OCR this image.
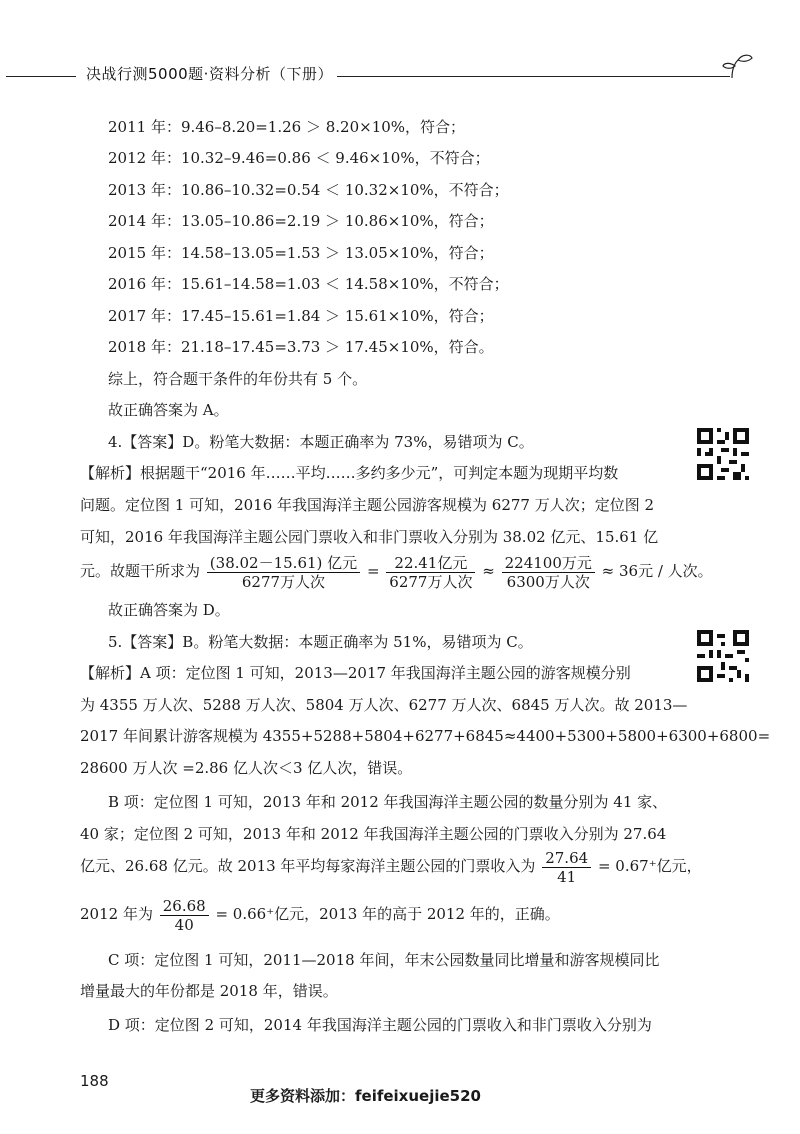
决战行测5000题·资料分析（下册）
2011 年：9.46–8.20=1.26 ＞ 8.20×10%，符合；
2012 年：10.32–9.46=0.86 ＜ 9.46×10%，不符合；
2013 年：10.86–10.32=0.54 ＜ 10.32×10%，不符合；
2014 年：13.05–10.86=2.19 ＞ 10.86×10%，符合；
2015 年：14.58–13.05=1.53 ＞ 13.05×10%，符合；
2016 年：15.61–14.58=1.03 ＜ 14.58×10%，不符合；
2017 年：17.45–15.61=1.84 ＞ 15.61×10%，符合；
2018 年：21.18–17.45=3.73 ＞ 17.45×10%，符合。
综上，符合题干条件的年份共有 5 个。
故正确答案为 A。
4.【答案】D。粉笔大数据：本题正确率为 73%，易错项为 C。
【解析】根据题干“2016 年……平均……多约多少元”，可判定本题为现期平均数
问题。定位图 1 可知，2016 年我国海洋主题公园游客规模为 6277 万人次；定位图 2
可知，2016 年我国海洋主题公园门票收入和非门票收入分别为 38.02 亿元、15.61 亿
元。故题干所求为 $\frac{\text{(38.02－15.61) 亿元}}{\text{6277万人次}} = \frac{\text{22.41亿元}}{\text{6277万人次}} \approx \frac{\text{224100万元}}{\text{6300万人次}} \approx 36$元 / 人次。
故正确答案为 D。
5.【答案】B。粉笔大数据：本题正确率为 51%，易错项为 C。
【解析】A 项：定位图 1 可知，2013—2017 年我国海洋主题公园的游客规模分别
为 4355 万人次、5288 万人次、5804 万人次、6277 万人次、6845 万人次。故 2013—
2017 年间累计游客规模为 4355+5288+5804+6277+6845≈4400+5300+5800+6300+6800=
28600 万人次 =2.86 亿人次＜3 亿人次，错误。
B 项：定位图 1 可知，2013 年和 2012 年我国海洋主题公园的数量分别为 41 家、
40 家；定位图 2 可知，2013 年和 2012 年我国海洋主题公园的门票收入分别为 27.64
亿元、26.68 亿元。故 2013 年平均每家海洋主题公园的门票收入为 $\frac{27.64}{41} = 0.67^+$亿元，
2012 年为 $\frac{26.68}{40} = 0.66^+$亿元，2013 年的高于 2012 年的，正确。
C 项：定位图 1 可知，2011—2018 年间，年末公园数量同比增量和游客规模同比
增量最大的年份都是 2018 年，错误。
D 项：定位图 2 可知，2014 年我国海洋主题公园的门票收入和非门票收入分别为
188
更多资料添加：feifeixuejie520
